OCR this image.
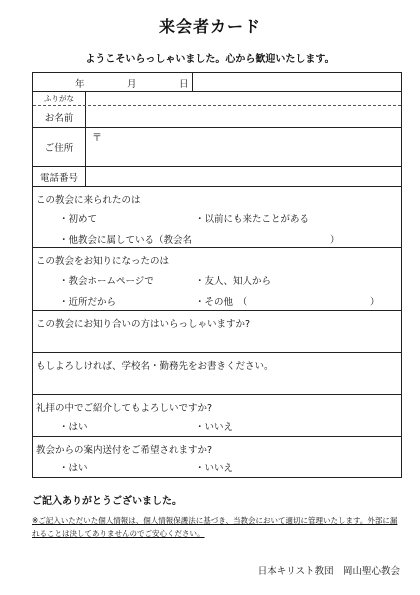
来会者カード
ようこそいらっしゃいました。心から歓迎いたします。
年	月	日
ふりがな
お名前
ご住所
〒
電話番号
この教会に来られたのは
・初めて	・以前にも来たことがある
・他教会に属している（教会名	）
この教会をお知りになったのは
・教会ホームページで	・友人、知人から
・近所だから	・その他　（	）
この教会にお知り合いの方はいらっしゃいますか?
もしよろしければ、学校名・勤務先をお書きください。
礼拝の中でご紹介してもよろしいですか?
・はい	・いいえ
教会からの案内送付をご希望されますか?
・はい	・いいえ
ご記入ありがとうございました。
※ご記入いただいた個人情報は、個人情報保護法に基づき、当教会において適切に管理いたします。外部に漏れることは決してありませんのでご安心ください。
日本キリスト教団　岡山聖心教会
